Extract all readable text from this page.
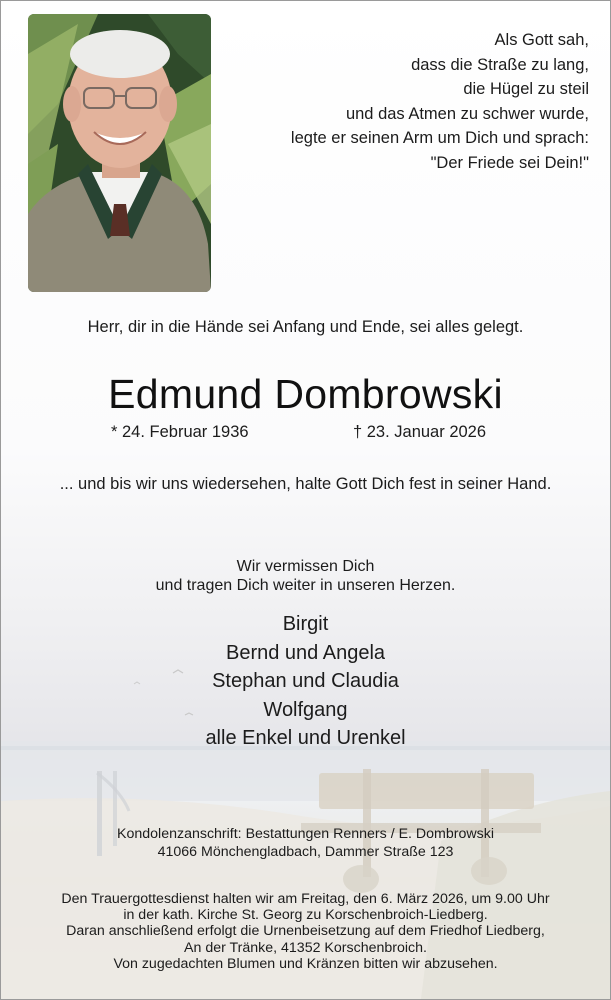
Als Gott sah,
dass die Straße zu lang,
die Hügel zu steil
und das Atmen zu schwer wurde,
legte er seinen Arm um Dich und sprach:
"Der Friede sei Dein!"
Herr, dir in die Hände sei Anfang und Ende, sei alles gelegt.
Edmund Dombrowski
* 24. Februar 1936	† 23. Januar 2026
... und bis wir uns wiedersehen, halte Gott Dich fest in seiner Hand.
Wir vermissen Dich
und tragen Dich weiter in unseren Herzen.
Birgit
Bernd und Angela
Stephan und Claudia
Wolfgang
alle Enkel und Urenkel
Kondolenzanschrift: Bestattungen Renners / E. Dombrowski
41066 Mönchengladbach, Dammer Straße 123
Den Trauergottesdienst halten wir am Freitag, den 6. März 2026, um 9.00 Uhr
in der kath. Kirche St. Georg zu Korschenbroich-Liedberg.
Daran anschließend erfolgt die Urnenbeisetzung auf dem Friedhof Liedberg,
An der Tränke, 41352 Korschenbroich.
Von zugedachten Blumen und Kränzen bitten wir abzusehen.
